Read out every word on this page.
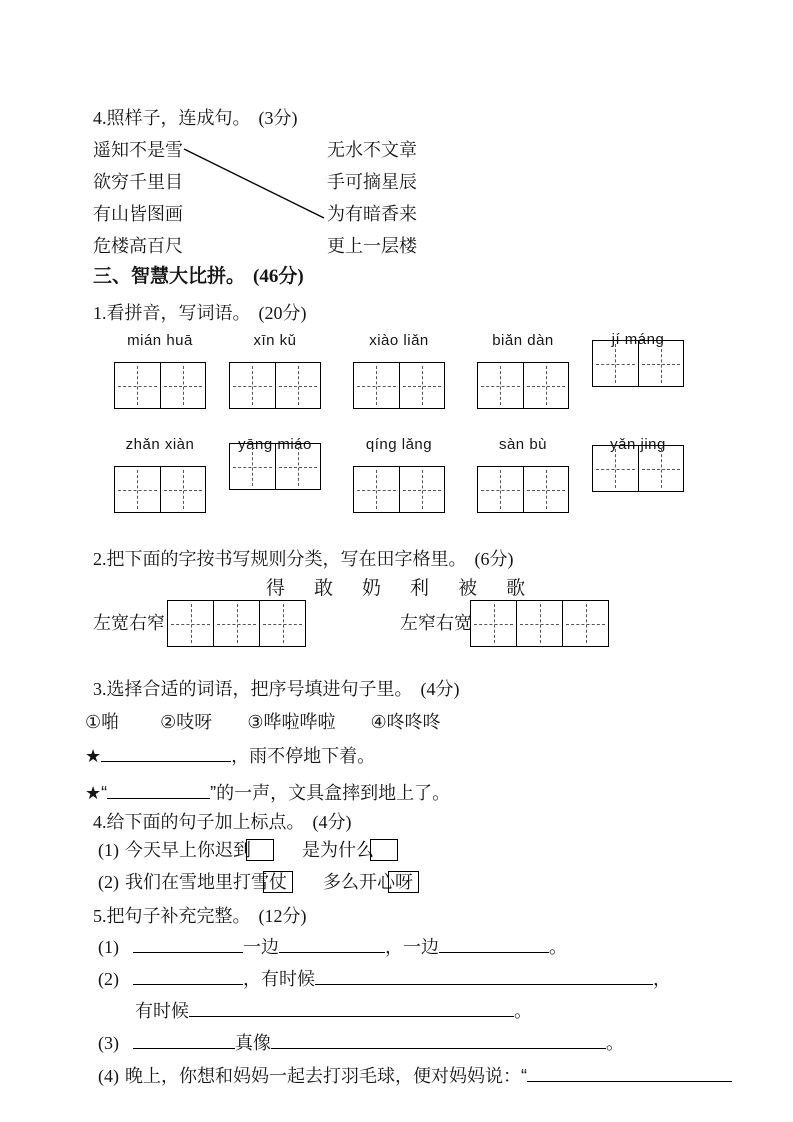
4.照样子，连成句。 (3分)
遥知不是雪
欲穷千里目
有山皆图画
危楼高百尺
无水不文章
手可摘星辰
为有暗香来
更上一层楼
三、智慧大比拼。 (46分)
1.看拼音，写词语。 (20分)
mián huā	xīn kǔ	xiào liǎn	biǎn dàn	jí máng
zhǎn xiàn	yāng miáo	qíng lǎng	sàn bù	yǎn jing
2.把下面的字按书写规则分类，写在田字格里。 (6分)
得 敢 奶 利 被 歌
左宽右窄	左窄右宽
3.选择合适的词语，把序号填进句子里。 (4分)
①啪 ②吱呀 ③哗啦哗啦 ④咚咚咚
★	，雨不停地下着。
★“	”的一声，文具盒摔到地上了。
4.给下面的句子加上标点。 (4分)
(1) 今天早上你迟到	是为什么
(2) 我们在雪地里打雪仗 多么开心呀
5.把句子补充完整。 (12分)
(1)	一边	，一边	。
(2)	，有时候	，
有时候	。
(3)	真像	。
(4) 晚上，你想和妈妈一起去打羽毛球，便对妈妈说：“
